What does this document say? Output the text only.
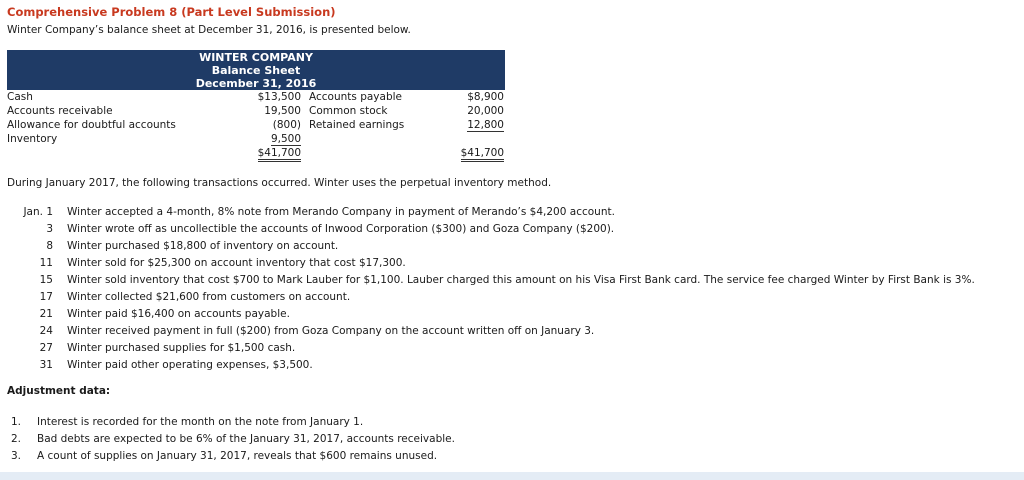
Comprehensive Problem 8 (Part Level Submission)
Winter Company’s balance sheet at December 31, 2016, is presented below.
WINTER COMPANY
Balance Sheet
December 31, 2016
Cash	$13,500 Accounts payable	$8,900
Accounts receivable	19,500 Common stock	20,000
Allowance for doubtful accounts	(800) Retained earnings	12,800
Inventory	9,500
$41,700	$41,700
During January 2017, the following transactions occurred. Winter uses the perpetual inventory method.
Jan. 1 Winter accepted a 4-month, 8% note from Merando Company in payment of Merando’s $4,200 account.
3 Winter wrote off as uncollectible the accounts of Inwood Corporation ($300) and Goza Company ($200).
8 Winter purchased $18,800 of inventory on account.
11 Winter sold for $25,300 on account inventory that cost $17,300.
15 Winter sold inventory that cost $700 to Mark Lauber for $1,100. Lauber charged this amount on his Visa First Bank card. The service fee charged Winter by First Bank is 3%.
17 Winter collected $21,600 from customers on account.
21 Winter paid $16,400 on accounts payable.
24 Winter received payment in full ($200) from Goza Company on the account written off on January 3.
27 Winter purchased supplies for $1,500 cash.
31 Winter paid other operating expenses, $3,500.
Adjustment data:
1. Interest is recorded for the month on the note from January 1.
2. Bad debts are expected to be 6% of the January 31, 2017, accounts receivable.
3. A count of supplies on January 31, 2017, reveals that $600 remains unused.
